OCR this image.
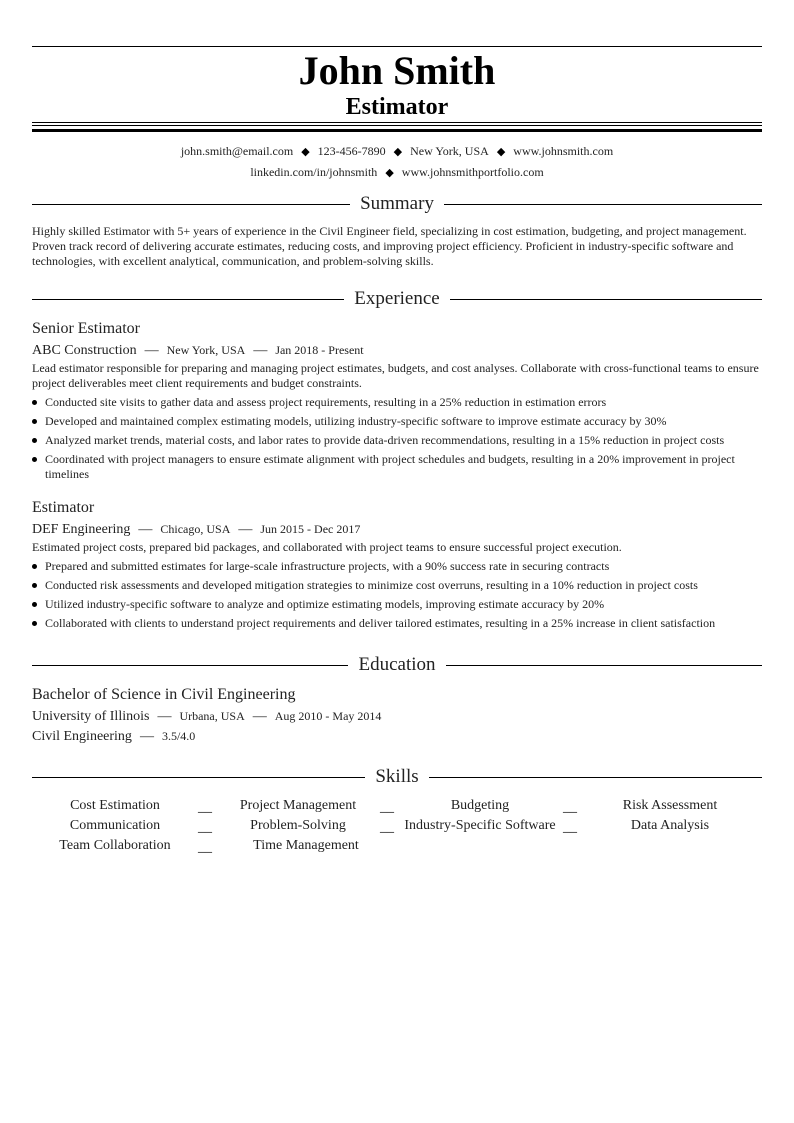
John Smith
Estimator
john.smith@email.com ◆ 123-456-7890 ◆ New York, USA ◆ www.johnsmith.com
linkedin.com/in/johnsmith ◆ www.johnsmithportfolio.com
Summary
Highly skilled Estimator with 5+ years of experience in the Civil Engineer field, specializing in cost estimation, budgeting, and project management. Proven track record of delivering accurate estimates, reducing costs, and improving project efficiency. Proficient in industry-specific software and technologies, with excellent analytical, communication, and problem-solving skills.
Experience
Senior Estimator
ABC Construction — New York, USA — Jan 2018 - Present
Lead estimator responsible for preparing and managing project estimates, budgets, and cost analyses. Collaborate with cross-functional teams to ensure project deliverables meet client requirements and budget constraints.
Conducted site visits to gather data and assess project requirements, resulting in a 25% reduction in estimation errors
Developed and maintained complex estimating models, utilizing industry-specific software to improve estimate accuracy by 30%
Analyzed market trends, material costs, and labor rates to provide data-driven recommendations, resulting in a 15% reduction in project costs
Coordinated with project managers to ensure estimate alignment with project schedules and budgets, resulting in a 20% improvement in project timelines
Estimator
DEF Engineering — Chicago, USA — Jun 2015 - Dec 2017
Estimated project costs, prepared bid packages, and collaborated with project teams to ensure successful project execution.
Prepared and submitted estimates for large-scale infrastructure projects, with a 90% success rate in securing contracts
Conducted risk assessments and developed mitigation strategies to minimize cost overruns, resulting in a 10% reduction in project costs
Utilized industry-specific software to analyze and optimize estimating models, improving estimate accuracy by 20%
Collaborated with clients to understand project requirements and deliver tailored estimates, resulting in a 25% increase in client satisfaction
Education
Bachelor of Science in Civil Engineering
University of Illinois — Urbana, USA — Aug 2010 - May 2014
Civil Engineering — 3.5/4.0
Skills
Cost Estimation	__	Project Management	__	Budgeting	__	Risk Assessment
Communication	__	Problem-Solving	__ Industry-Specific Software __	Data Analysis
Team Collaboration	__	Time Management
